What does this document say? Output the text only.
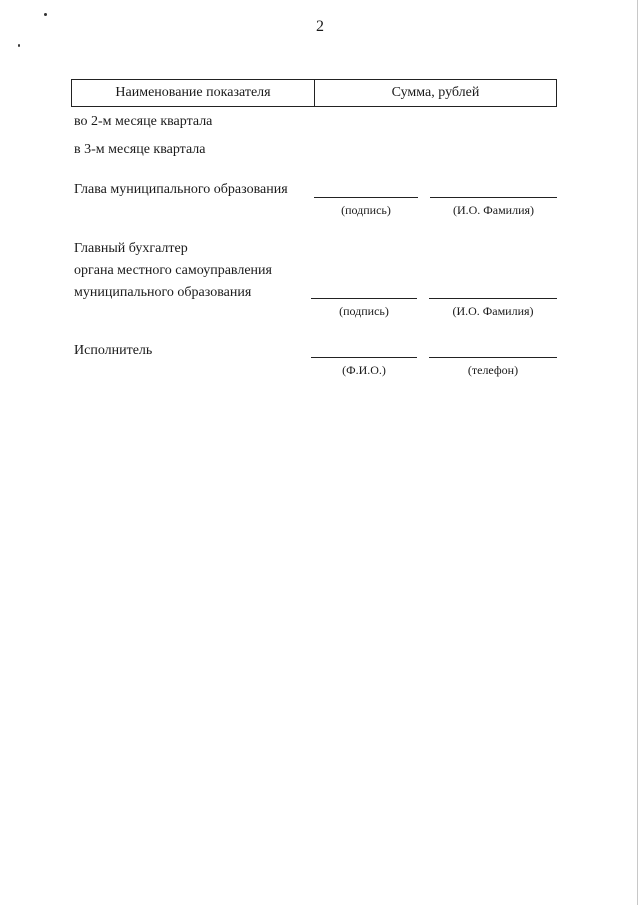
2
Наименование показателя	Сумма, рублей
во 2-м месяце квартала
в 3-м месяце квартала
Глава муниципального образования
(подпись)	(И.О. Фамилия)
Главный бухгалтер
органа местного самоуправления
муниципального образования
(подпись)	(И.О. Фамилия)
Исполнитель
(Ф.И.О.)	(телефон)
